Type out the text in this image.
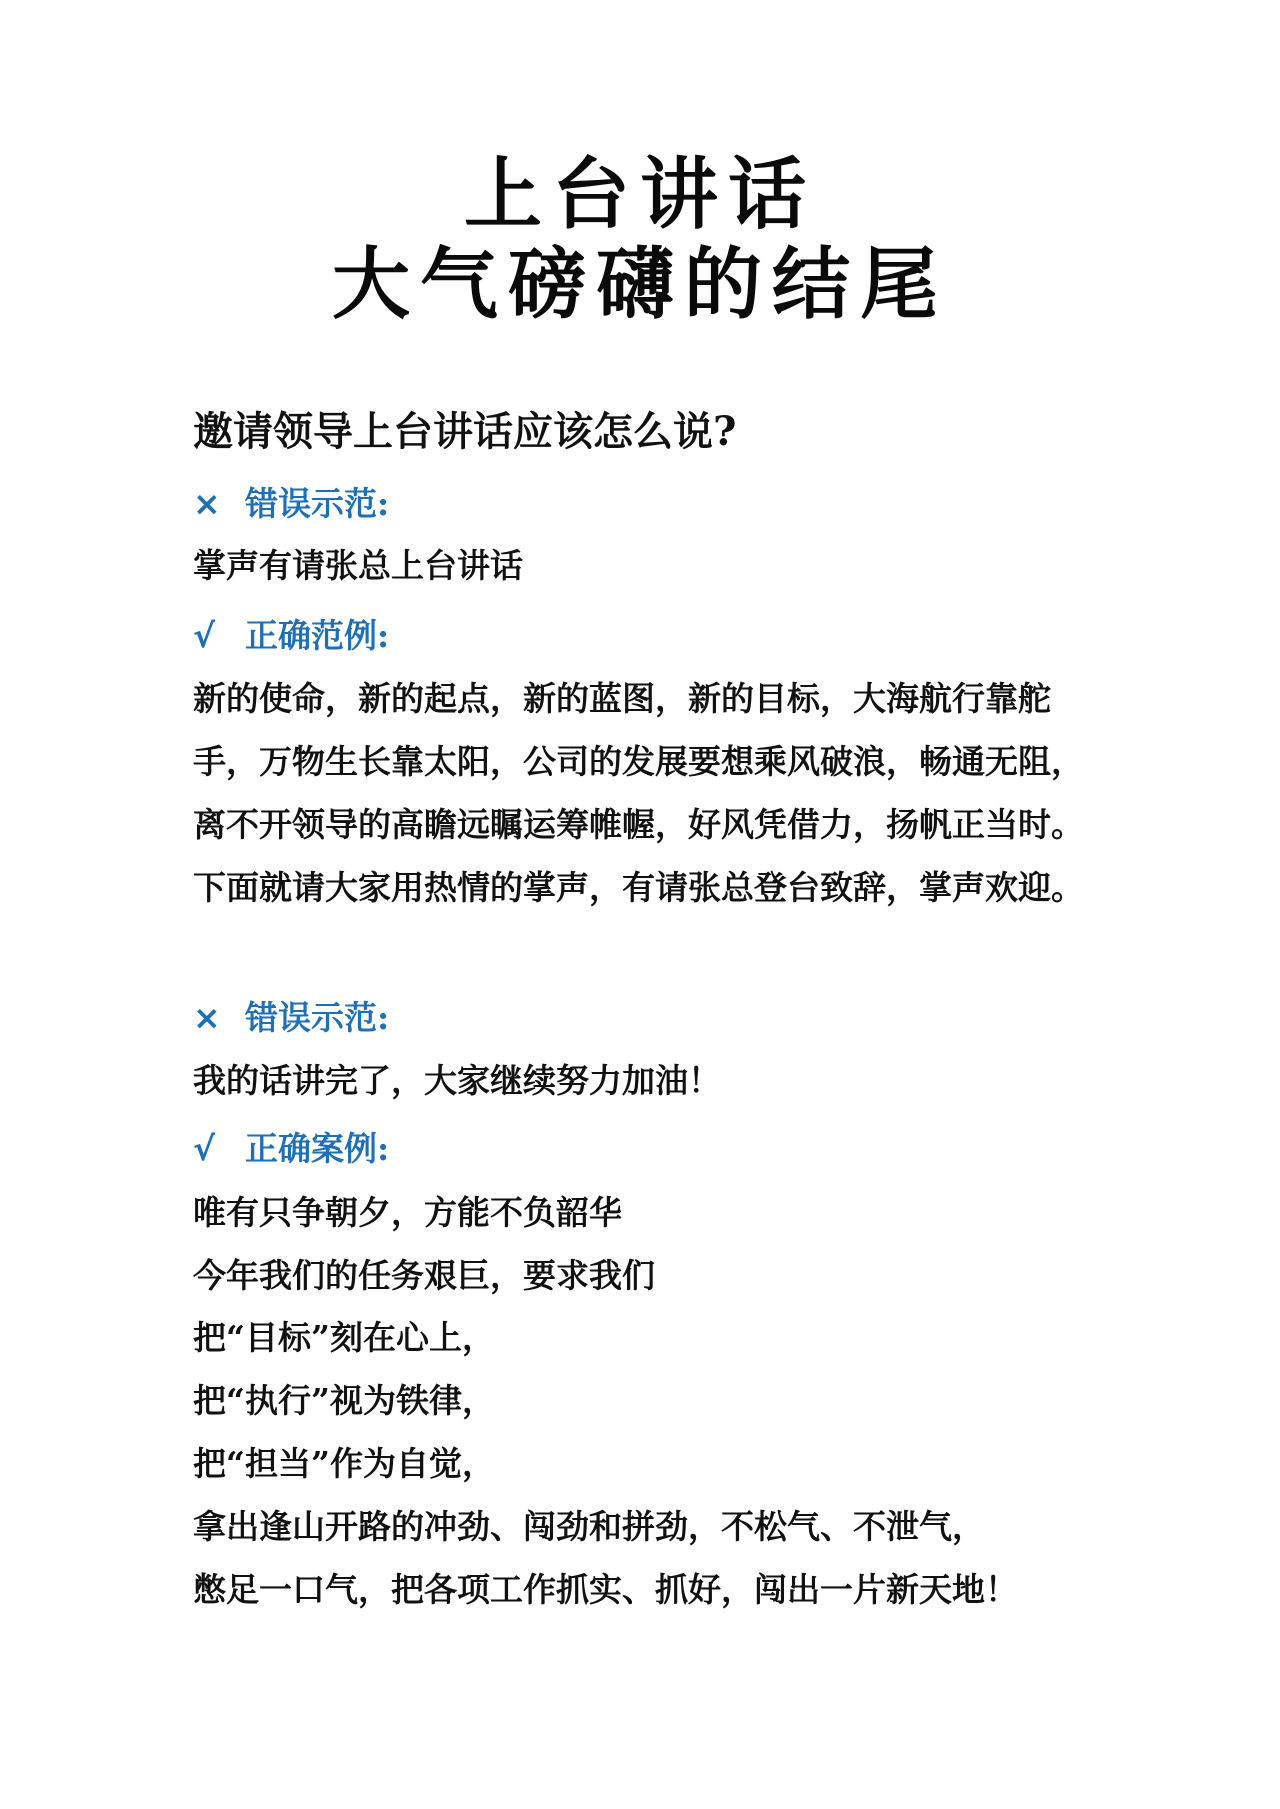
上台讲话
大气磅礴的结尾
邀请领导上台讲话应该怎么说?
× 错误示范:
掌声有请张总上台讲话
√ 正确范例:
新的使命，新的起点，新的蓝图，新的目标，大海航行靠舵
手，万物生长靠太阳，公司的发展要想乘风破浪，畅通无阻，
离不开领导的高瞻远瞩运筹帷幄，好风凭借力，扬帆正当时。
下面就请大家用热情的掌声，有请张总登台致辞，掌声欢迎。
× 错误示范:
我的话讲完了，大家继续努力加油！
√ 正确案例:
唯有只争朝夕，方能不负韶华
今年我们的任务艰巨，要求我们
把“目标”刻在心上，
把“执行”视为铁律，
把“担当”作为自觉，
拿出逢山开路的冲劲、闯劲和拼劲，不松气、不泄气，
憋足一口气，把各项工作抓实、抓好，闯出一片新天地！
